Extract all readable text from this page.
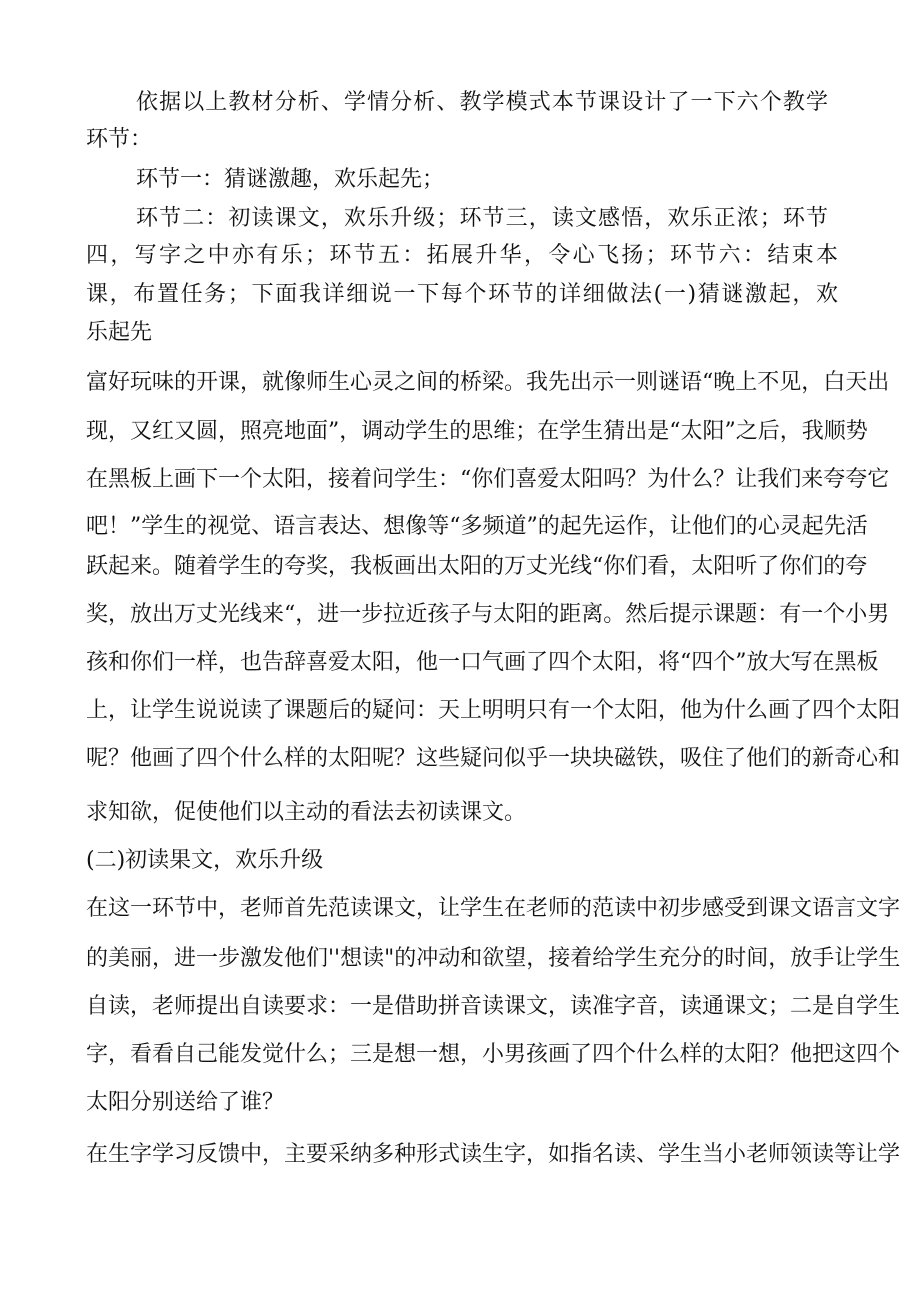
依据以上教材分析、学情分析、教学模式本节课设计了一下六个教学
环节：
环节一：猜谜激趣，欢乐起先；
环节二：初读课文，欢乐升级；环节三，读文感悟，欢乐正浓；环节
四，写字之中亦有乐；环节五：拓展升华，令心飞扬；环节六：结束本
课，布置任务；下面我详细说一下每个环节的详细做法(一)猜谜激起，欢
乐起先
富好玩味的开课，就像师生心灵之间的桥梁。我先出示一则谜语“晚上不见，白天出
现，又红又圆，照亮地面”，调动学生的思维；在学生猜出是“太阳”之后，我顺势
在黑板上画下一个太阳，接着问学生：“你们喜爱太阳吗？为什么？让我们来夸夸它
吧！”学生的视觉、语言表达、想像等“多频道”的起先运作，让他们的心灵起先活
跃起来。随着学生的夸奖，我板画出太阳的万丈光线“你们看，太阳听了你们的夸
奖，放出万丈光线来“，进一步拉近孩子与太阳的距离。然后提示课题：有一个小男
孩和你们一样，也告辞喜爱太阳，他一口气画了四个太阳，将“四个”放大写在黑板
上，让学生说说读了课题后的疑问：天上明明只有一个太阳，他为什么画了四个太阳
呢？他画了四个什么样的太阳呢？这些疑问似乎一块块磁铁，吸住了他们的新奇心和
求知欲，促使他们以主动的看法去初读课文。
(二)初读果文，欢乐升级
在这一环节中，老师首先范读课文，让学生在老师的范读中初步感受到课文语言文字
的美丽，进一步激发他们''想读"的冲动和欲望，接着给学生充分的时间，放手让学生
自读，老师提出自读要求：一是借助拼音读课文，读准字音，读通课文；二是自学生
字，看看自己能发觉什么；三是想一想，小男孩画了四个什么样的太阳？他把这四个
太阳分别送给了谁？
在生字学习反馈中，主要采纳多种形式读生字，如指名读、学生当小老师领读等让学
